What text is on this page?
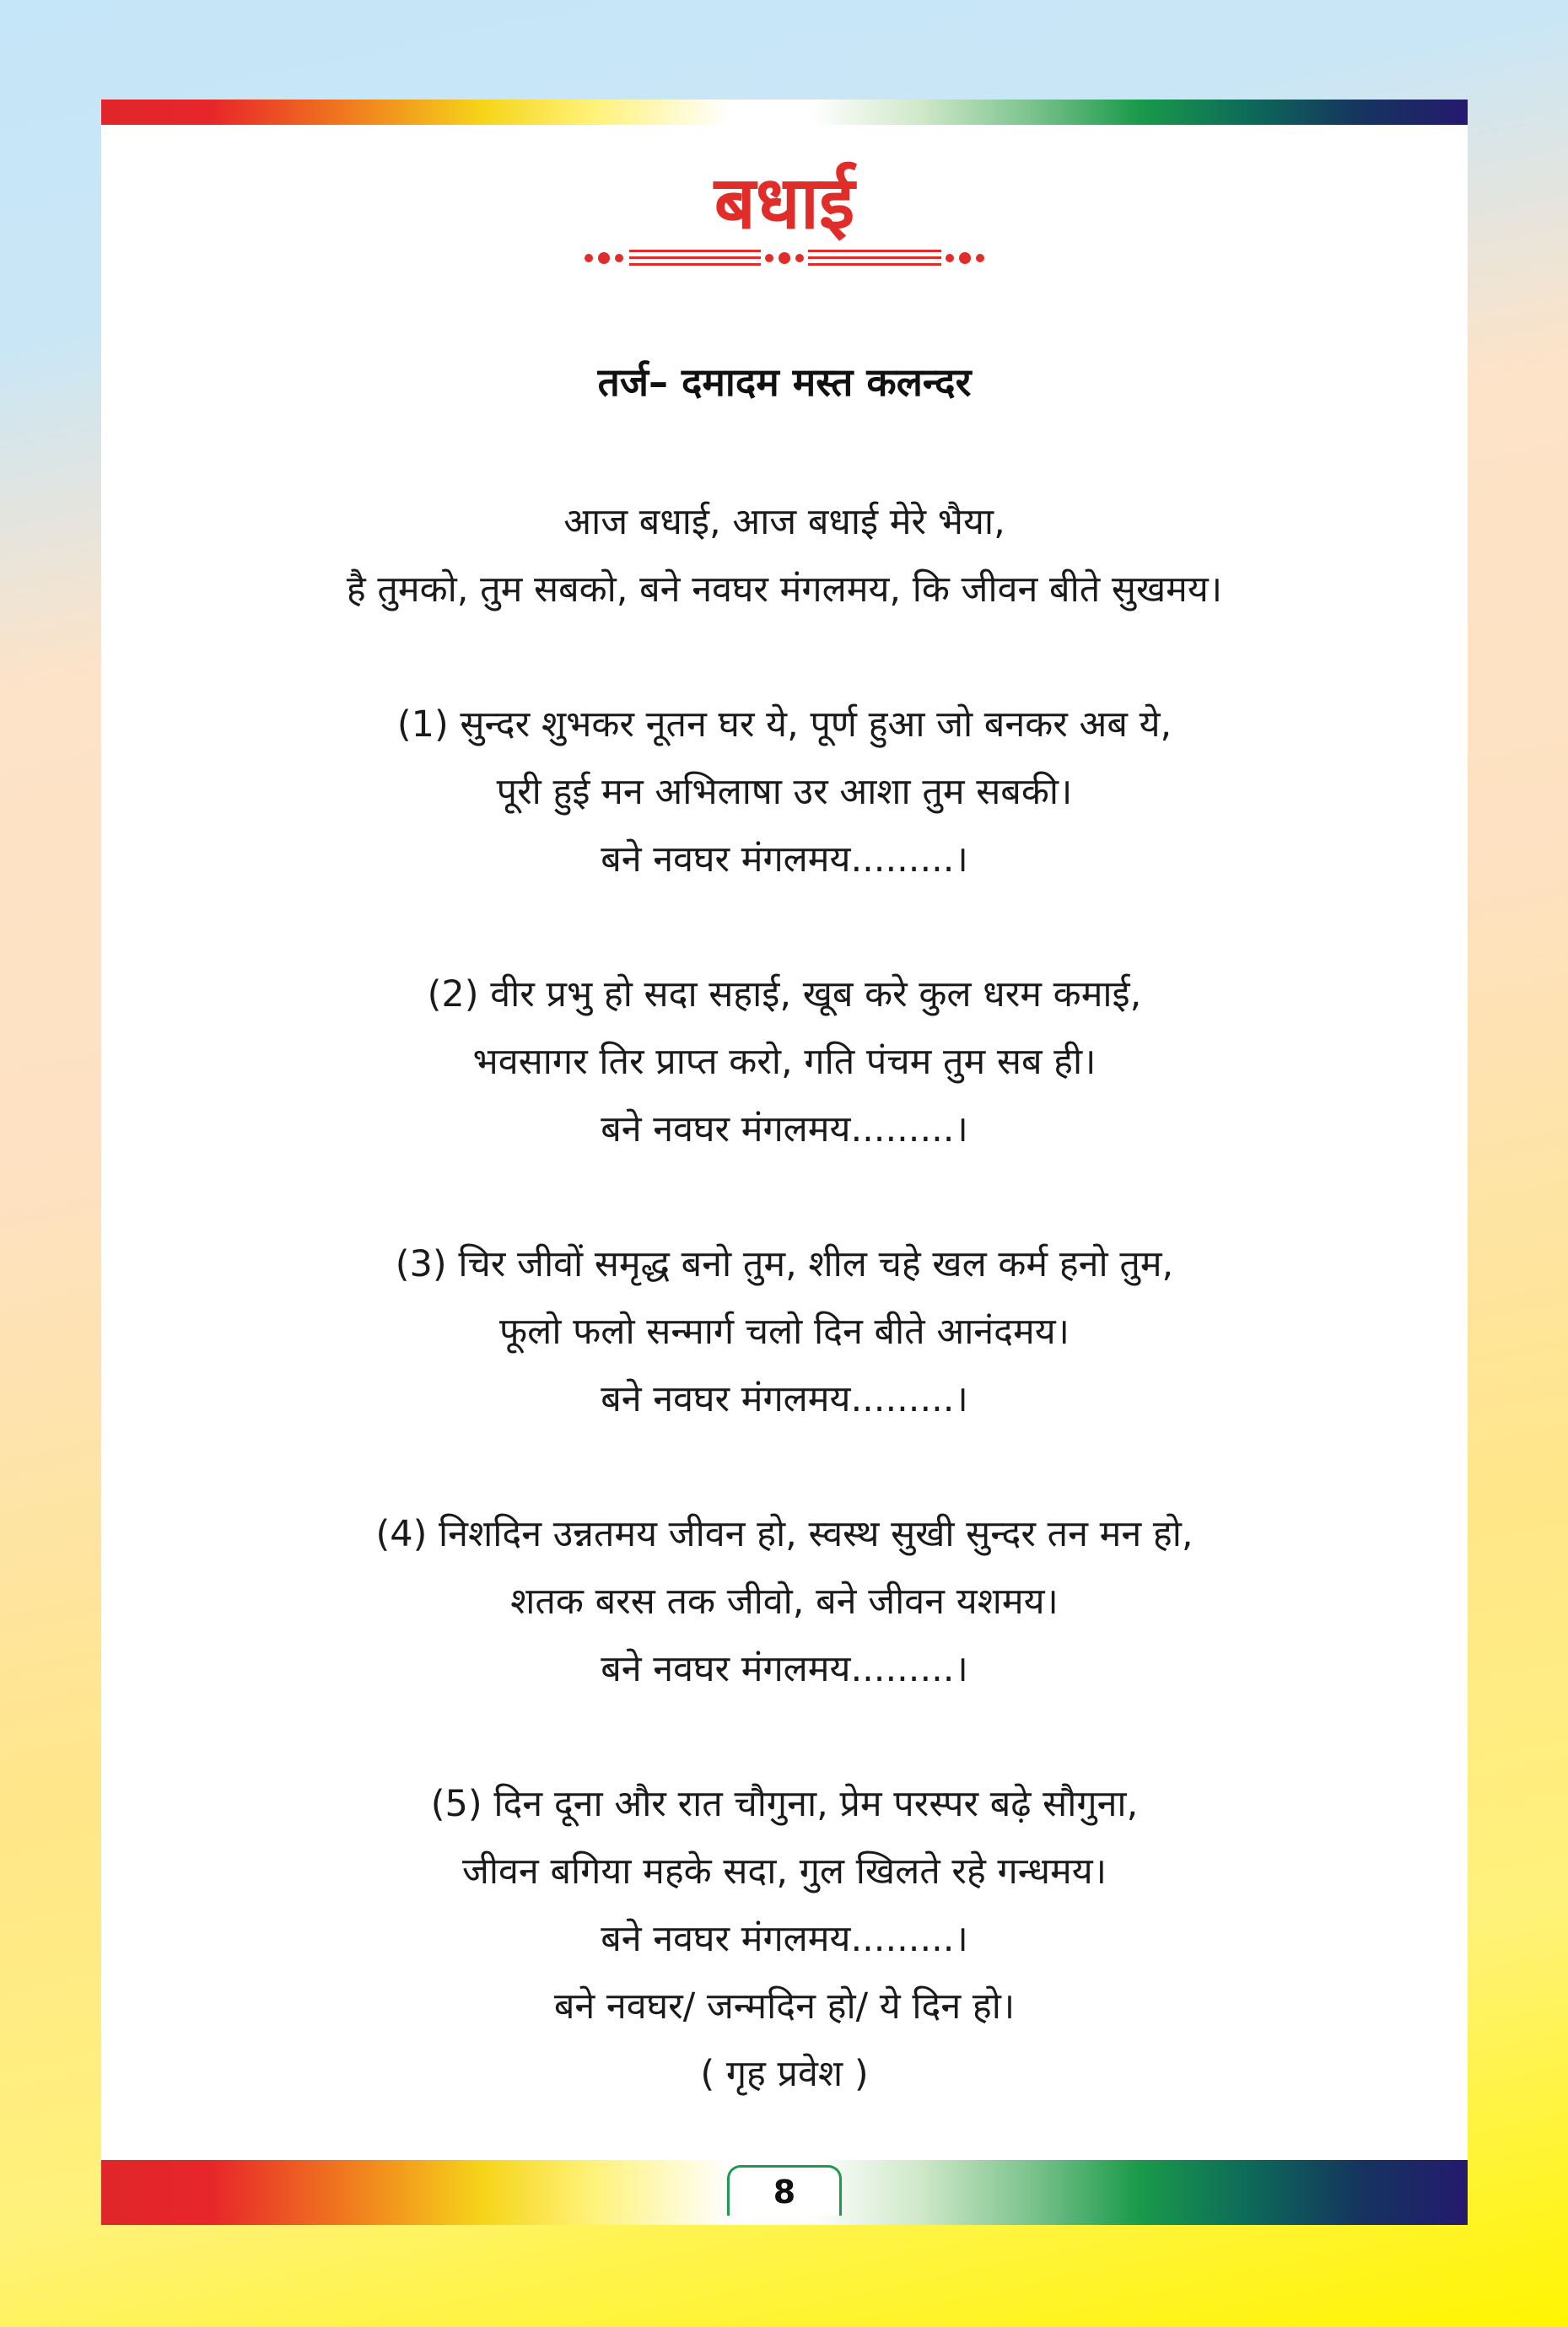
बधाई
तर्ज– दमादम मस्त कलन्दर
आज बधाई, आज बधाई मेरे भैया,
है तुमको, तुम सबको, बने नवघर मंगलमय, कि जीवन बीते सुखमय।
(1) सुन्दर शुभकर नूतन घर ये, पूर्ण हुआ जो बनकर अब ये,
पूरी हुई मन अभिलाषा उर आशा तुम सबकी।
बने नवघर मंगलमय.........।
(2) वीर प्रभु हो सदा सहाई, खूब करे कुल धरम कमाई,
भवसागर तिर प्राप्त करो, गति पंचम तुम सब ही।
बने नवघर मंगलमय.........।
(3) चिर जीवों समृद्ध बनो तुम, शील चहे खल कर्म हनो तुम,
फूलो फलो सन्मार्ग चलो दिन बीते आनंदमय।
बने नवघर मंगलमय.........।
(4) निशदिन उन्नतमय जीवन हो, स्वस्थ सुखी सुन्दर तन मन हो,
शतक बरस तक जीवो, बने जीवन यशमय।
बने नवघर मंगलमय.........।
(5) दिन दूना और रात चौगुना, प्रेम परस्पर बढ़े सौगुना,
जीवन बगिया महके सदा, गुल खिलते रहे गन्धमय।
बने नवघर मंगलमय.........।
बने नवघर/ जन्मदिन हो/ ये दिन हो।
( गृह प्रवेश )
8
